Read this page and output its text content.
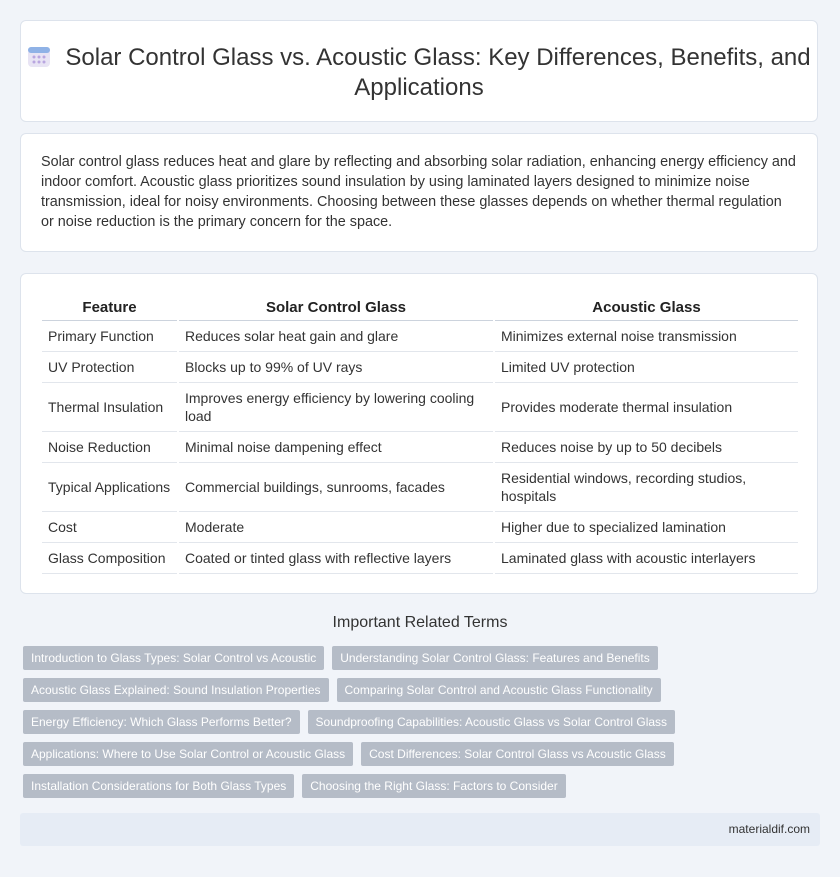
Solar Control Glass vs. Acoustic Glass: Key Differences, Benefits, and Applications

Solar control glass reduces heat and glare by reflecting and absorbing solar radiation, enhancing energy efficiency and indoor comfort. Acoustic glass prioritizes sound insulation by using laminated layers designed to minimize noise transmission, ideal for noisy environments. Choosing between these glasses depends on whether thermal regulation or noise reduction is the primary concern for the space.

Feature	Solar Control Glass	Acoustic Glass
Primary Function	Reduces solar heat gain and glare	Minimizes external noise transmission
UV Protection	Blocks up to 99% of UV rays	Limited UV protection
Thermal Insulation	Improves energy efficiency by lowering cooling load	Provides moderate thermal insulation
Noise Reduction	Minimal noise dampening effect	Reduces noise by up to 50 decibels
Typical Applications	Commercial buildings, sunrooms, facades	Residential windows, recording studios, hospitals
Cost	Moderate	Higher due to specialized lamination
Glass Composition	Coated or tinted glass with reflective layers	Laminated glass with acoustic interlayers
Important Related Terms
Introduction to Glass Types: Solar Control vs Acoustic	Understanding Solar Control Glass: Features and Benefits
Acoustic Glass Explained: Sound Insulation Properties	Comparing Solar Control and Acoustic Glass Functionality
Energy Efficiency: Which Glass Performs Better?	Soundproofing Capabilities: Acoustic Glass vs Solar Control Glass
Applications: Where to Use Solar Control or Acoustic Glass	Cost Differences: Solar Control Glass vs Acoustic Glass
Installation Considerations for Both Glass Types	Choosing the Right Glass: Factors to Consider
materialdif.com
